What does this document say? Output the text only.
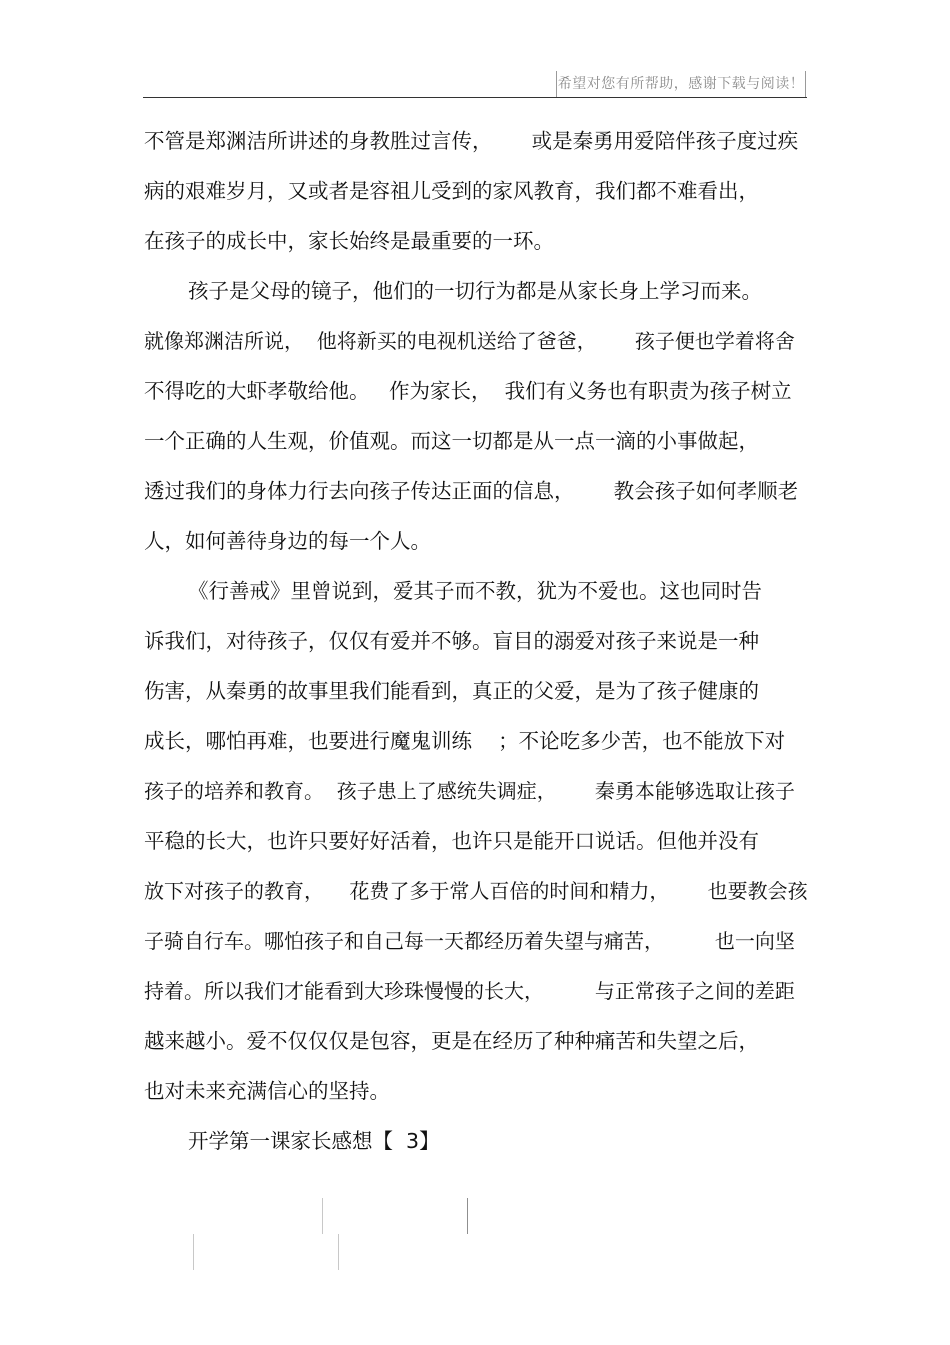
希望对您有所帮助，感谢下载与阅读！
不管是郑渊洁所讲述的身教胜过言传，      或是秦勇用爱陪伴孩子度过疾
病的艰难岁月，又或者是容祖儿受到的家风教育，我们都不难看出，
在孩子的成长中，家长始终是最重要的一环。
孩子是父母的镜子，他们的一切行为都是从家长身上学习而来。
就像郑渊洁所说，  他将新买的电视机送给了爸爸，      孩子便也学着将舍
不得吃的大虾孝敬给他。   作为家长，  我们有义务也有职责为孩子树立
一个正确的人生观，价值观。而这一切都是从一点一滴的小事做起，
透过我们的身体力行去向孩子传达正面的信息，      教会孩子如何孝顺老
人，如何善待身边的每一个人。
《行善戒》里曾说到，爱其子而不教，犹为不爱也。这也同时告
诉我们，对待孩子，仅仅有爱并不够。盲目的溺爱对孩子来说是一种
伤害，从秦勇的故事里我们能看到，真正的父爱，是为了孩子健康的
成长，哪怕再难，也要进行魔鬼训练    ；不论吃多少苦，也不能放下对
孩子的培养和教育。  孩子患上了感统失调症，      秦勇本能够选取让孩子
平稳的长大，也许只要好好活着，也许只是能开口说话。但他并没有
放下对孩子的教育，    花费了多于常人百倍的时间和精力，      也要教会孩
子骑自行车。哪怕孩子和自己每一天都经历着失望与痛苦，        也一向坚
持着。所以我们才能看到大珍珠慢慢的长大，        与正常孩子之间的差距
越来越小。爱不仅仅仅是包容，更是在经历了种种痛苦和失望之后，
也对未来充满信心的坚持。
开学第一课家长感想【  3】
